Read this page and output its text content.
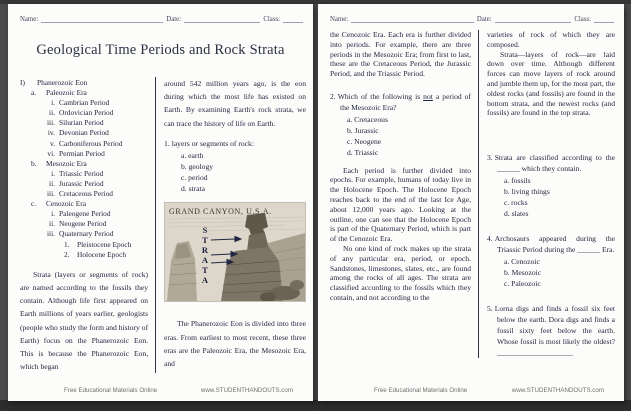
Name:	Date:	Class:
Geological Time Periods and Rock Strata
I)	Phanerozoic Eon
a.	Paleozoic Era
i. Cambrian Period
ii. Ordovician Period
iii. Silurian Period
iv. Devonian Period
v. Carboniferous Period
vi. Permian Period
b.	Mesozoic Era
i. Triassic Period
ii. Jurassic Period
iii. Cretaceous Period
c.	Cenozoic Era
i. Paleogene Period
ii. Neogene Period
iii. Quaternary Period
1.	Pleistocene Epoch
2.	Holocene Epoch

Strata (layers or segments of rock) are named according to the fossils they contain. Although life first appeared on Earth millions of years earlier, geologists (people who study the form and history of Earth) focus on the Phanerozoic Eon. This is because the Phanerozoic Eon, which began

around 542 million years ago, is the eon during which the most life has existed on Earth. By examining Earth's rock strata, we can trace the history of life on Earth.

1. layers or segments of rock:

a. earth
b. geology
c. period
d. strata
GRAND CANYON, U.S.A.
S
T
R
A
T
A

The Phanerozoic Eon is divided into three eras. From earliest to most recent, these three eras are the Paleozoic Era, the Mesozoic Era, and

Free Educational Materials Online	www.STUDENTHANDOUTS.com
Name:	Date:	Class:

the Cenozoic Era. Each era is further divided into periods. For example, there are three periods in the Mesozoic Era; from first to last, these are the Cretaceous Period, the Jurassic Period, and the Triassic Period.

2. Which of the following is not a period of the Mesozoic Era?

a. Cretaceous
b. Jurassic
c. Neogene
d. Triassic

Each period is further divided into epochs. For example, humans of today live in the Holocene Epoch. The Holocene Epoch reaches back to the end of the last Ice Age, about 12,000 years ago. Looking at the outline, one can see that the Holocene Epoch is part of the Quaternary Period, which is part of the Cenozoic Era.

No one kind of rock makes up the strata of any particular era, period, or epoch. Sandstones, limestones, slates, etc., are found among the rocks of all ages. The strata are classified according to the fossils which they contain, and not according to the

varieties of rock of which they are composed.

Strata—layers of rock—are laid down over time. Although different forces can move layers of rock around and jumble them up, for the most part, the oldest rocks (and fossils) are found in the bottom strata, and the newest rocks (and fossils) are found in the top strata.

3. Strata are classified according to the ______ which they contain.

a. fossils
b. living things
c. rocks
d. slates

4. Archosaurs appeared during the Triassic Period during the ______ Era.

a. Cenozoic
b. Mesozoic
c. Paleozoic

5. Lorna digs and finds a fossil six feet below the earth. Dora digs and finds a fossil sixty feet below the earth. Whose fossil is most likely the oldest? ____________________

Free Educational Materials Online	www.STUDENTHANDOUTS.com
